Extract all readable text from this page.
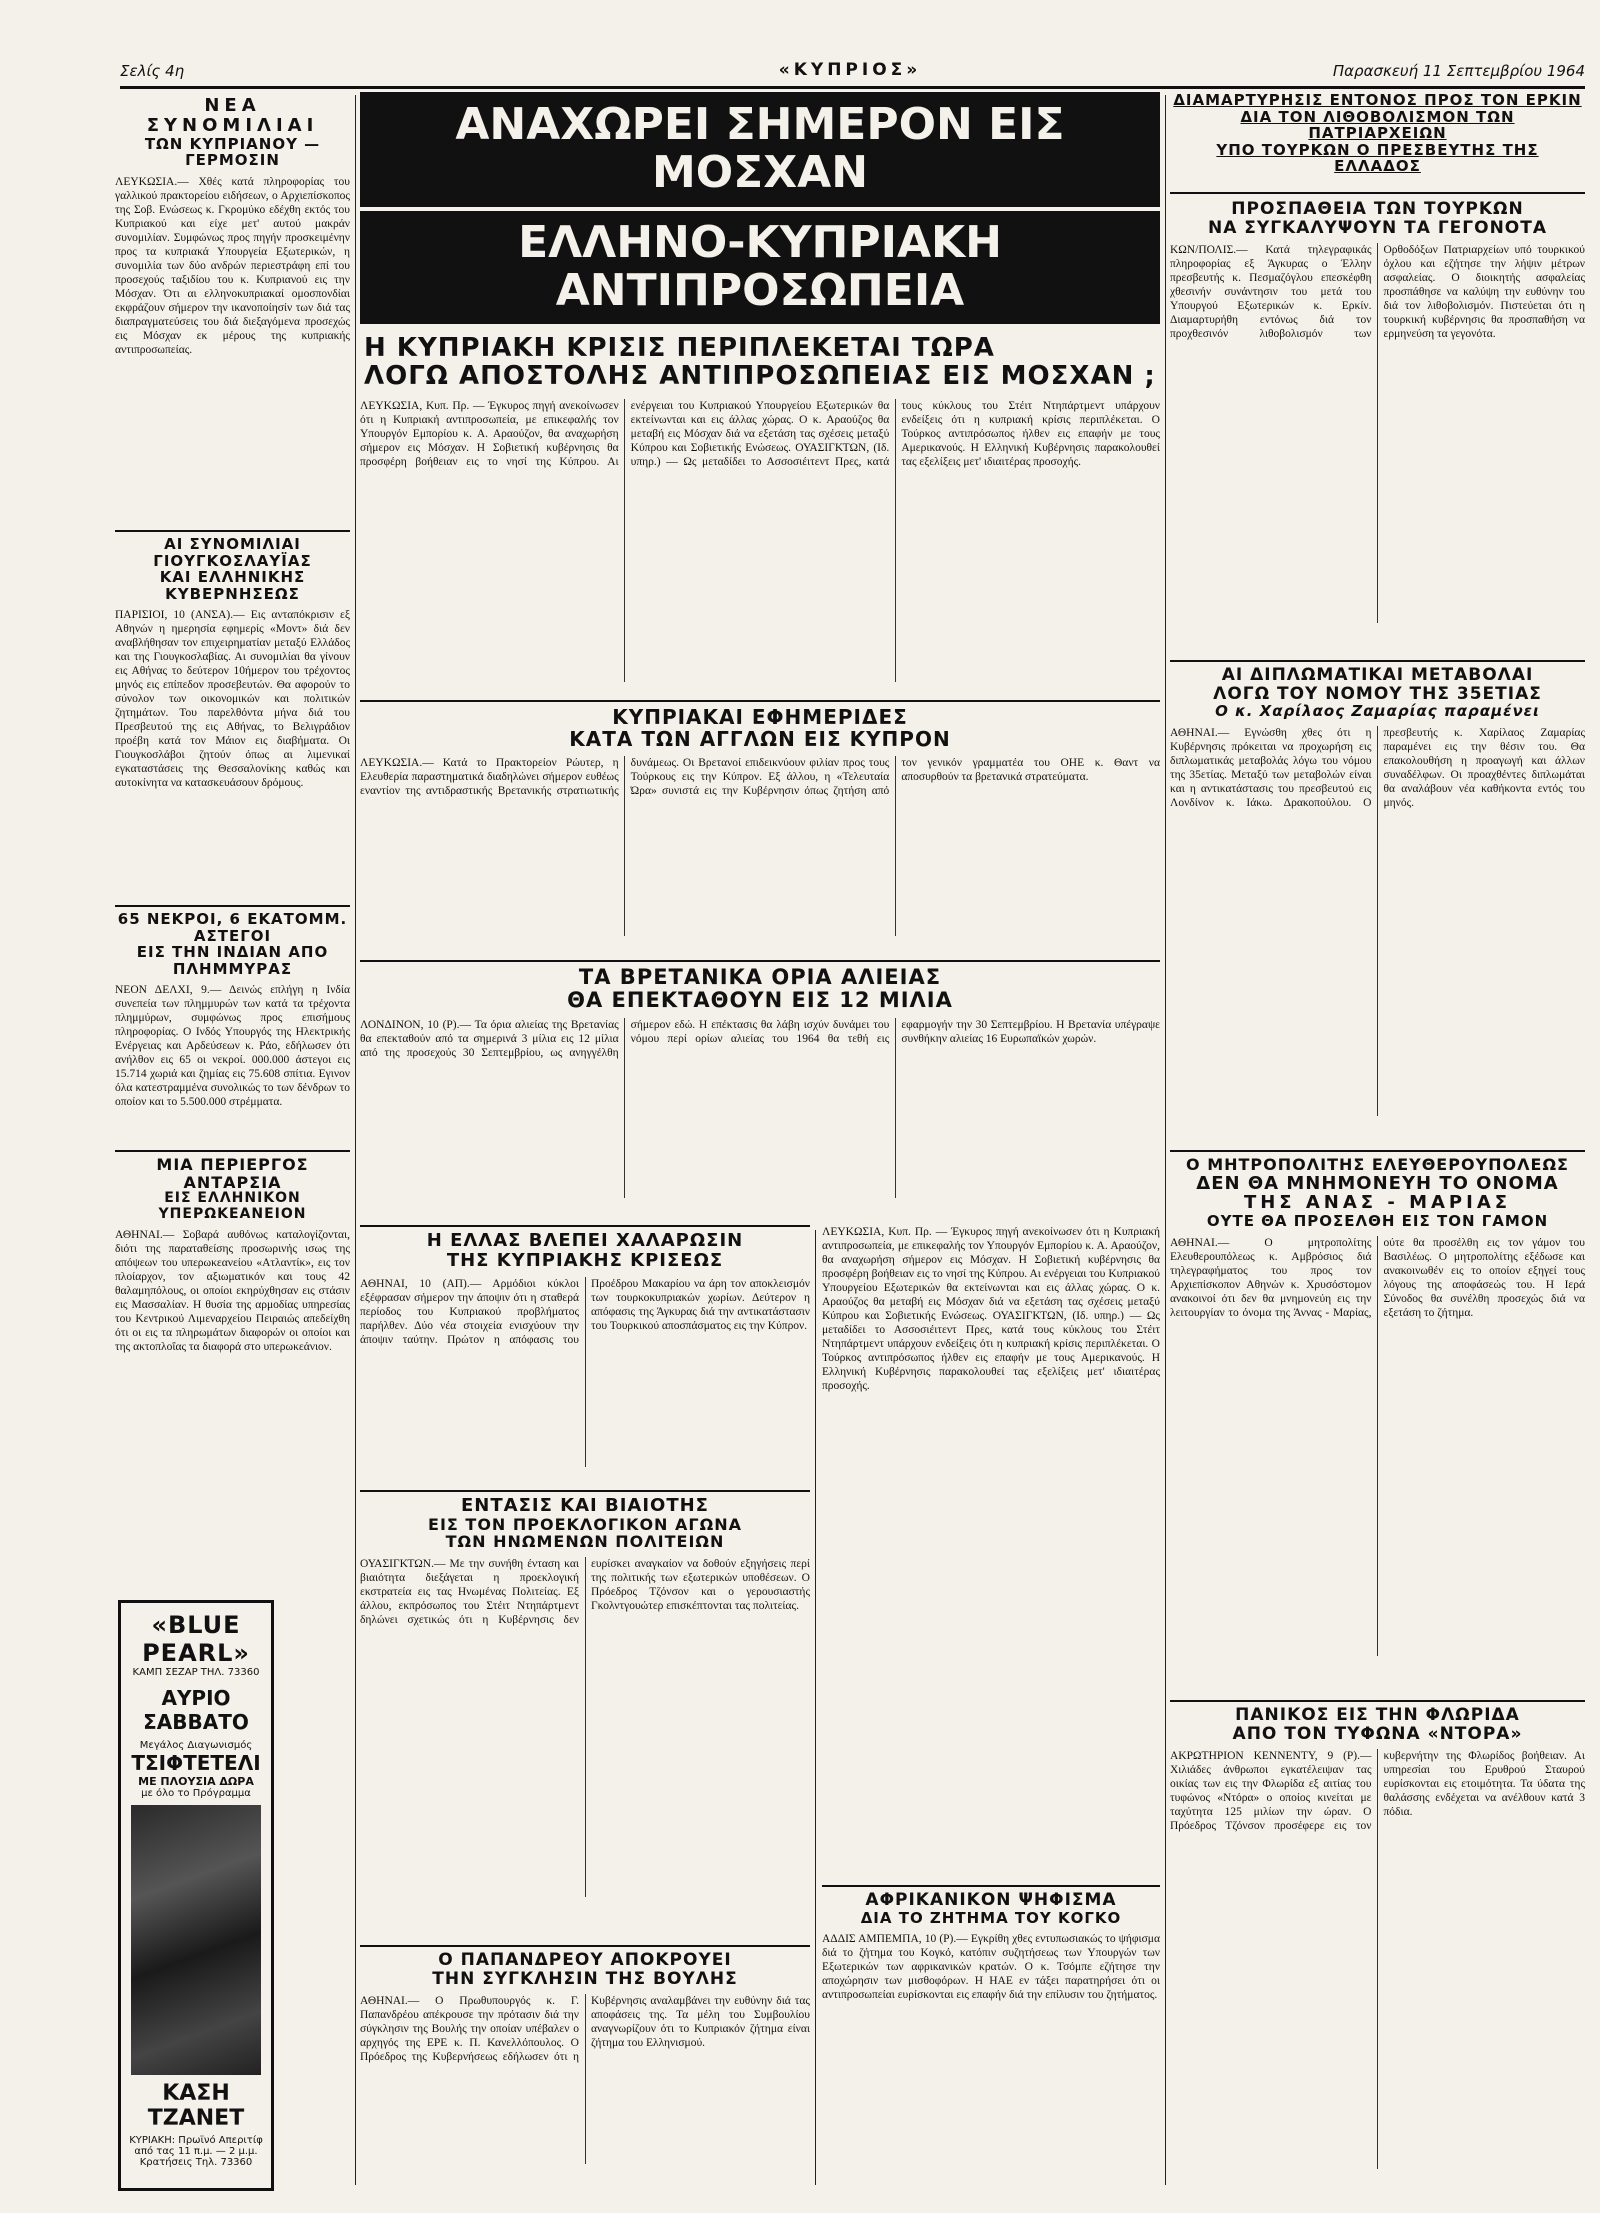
Σελίς 4η	«ΚΥΠΡΙΟΣ»	Παρασκευή 11 Σεπτεμβρίου 1964
ΝΕΑ ΣΥΝΟΜΙΛΙΑΙ
ΤΩΝ ΚΥΠΡΙΑΝΟΥ — ΓΕΡΜΟΣΙΝ
ΛΕΥΚΩΣΙΑ.— Χθές κατά πληροφορίας του γαλλικού πρακτορείου ειδήσεων, ο Αρχιεπίσκοπος της Σοβ. Ενώσεως κ. Γκρομύκο εδέχθη εκτός του Κυπριακού και είχε μετ' αυτού μακράν συνομιλίαν. Συμφώνως προς πηγήν προσκειμένην προς τα κυπριακά Υπουργεία Εξωτερικών, η συνομιλία των δύο ανδρών περιεστράφη επί του προσεχούς ταξιδίου του κ. Κυπριανού εις την Μόσχαν. Ότι αι ελληνοκυπριακαί ομοσπονδίαι εκφράζουν σήμερον την ικανοποίησίν των διά τας διαπραγματεύσεις του διά διεξαγόμενα προσεχώς εις Μόσχαν εκ μέρους της κυπριακής αντιπροσωπείας.
ΑΙ ΣΥΝΟΜΙΛΙΑΙ ΓΙΟΥΓΚΟΣΛΑΥΪΑΣ
ΚΑΙ ΕΛΛΗΝΙΚΗΣ ΚΥΒΕΡΝΗΣΕΩΣ
ΠΑΡΙΣΙΟΙ, 10 (ΑΝΣΑ).— Εις ανταπόκρισιν εξ Αθηνών η ημερησία εφημερίς «Μοντ» διά δεν αναβλήθησαν τον επιχειρηματίαν μεταξύ Ελλάδος και της Γιουγκοσλαβίας. Αι συνομιλίαι θα γίνουν εις Αθήνας το δεύτερον 10ήμερον του τρέχοντος μηνός εις επίπεδον προσεβευτών. Θα αφορούν το σύνολον των οικονομικών και πολιτικών ζητημάτων. Του παρελθόντα μήνα διά του Πρεσβευτού της εις Αθήνας, το Βελιγράδιον προέβη κατά τον Μάιον εις διαβήματα. Οι Γιουγκοσλάβοι ζητούν όπως αι λιμενικαί εγκαταστάσεις της Θεσσαλονίκης καθώς και αυτοκίνητα να κατασκευάσουν δρόμους.
65 ΝΕΚΡΟΙ, 6 ΕΚΑΤΟΜΜ. ΑΣΤΕΓΟΙ
ΕΙΣ ΤΗΝ ΙΝΔΙΑΝ ΑΠΟ ΠΛΗΜΜΥΡΑΣ
ΝΕΟΝ ΔΕΛΧΙ, 9.— Δεινώς επλήγη η Ινδία συνεπεία των πλημμυρών των κατά τα τρέχοντα πλημμύρων, συμφώνως προς επισήμους πληροφορίας. Ο Ινδός Υπουργός της Ηλεκτρικής Ενέργειας και Αρδεύσεων κ. Ράο, εδήλωσεν ότι ανήλθον εις 65 οι νεκροί. 000.000 άστεγοι εις 15.714 χωριά και ζημίας εις 75.608 σπίτια. Εγινον όλα κατεστραμμένα συνολικώς το των δένδρων το οποίον και το 5.500.000 στρέμματα.
ΜΙΑ ΠΕΡΙΕΡΓΟΣ ΑΝΤΑΡΣΙΑ
ΕΙΣ ΕΛΛΗΝΙΚΟΝ ΥΠΕΡΩΚΕΑΝΕΙΟΝ
ΑΘΗΝΑΙ.— Σοβαρά αυθόνως καταλογίζονται, διότι της παραταθείσης προσωρινής ισως της απόψεων του υπερωκεανείου «Ατλαντίκ», εις τον πλοίαρχον, τον αξιωματικόν και τους 42 θαλαμηπόλους, οι οποίοι εκηρύχθησαν εις στάσιν εις Μασσαλίαν. Η θυσία της αρμοδίας υπηρεσίας του Κεντρικού Λιμεναρχείου Πειραιώς απεδείχθη ότι οι εις τα πληρωμάτων διαφορών οι οποίοι και της ακτοπλοΐας τα διαφορά στο υπερωκεάνιον.
«BLUE PEARL»
ΚΑΜΠ ΣΕΖΑΡ ΤΗΛ. 73360
ΑΥΡΙΟ
ΣΑΒΒΑΤΟ
Μεγάλος Διαγωνισμός
ΤΣΙΦΤΕΤΕΛΙ
ΜΕ ΠΛΟΥΣΙΑ ΔΩΡΑ
με όλο το Πρόγραμμα
ΚΑΣΗ ΤΖΑΝΕΤ
ΚΥΡΙΑΚΗ: Πρωϊνό Απεριτίφ
από τας 11 π.μ. — 2 μ.μ.
Κρατήσεις Τηλ. 73360
ΑΝΑΧΩΡΕΙ ΣΗΜΕΡΟΝ ΕΙΣ ΜΟΣΧΑΝ
ΕΛΛΗΝΟ-ΚΥΠΡΙΑΚΗ ΑΝΤΙΠΡΟΣΩΠΕΙΑ
Η ΚΥΠΡΙΑΚΗ ΚΡΙΣΙΣ ΠΕΡΙΠΛΕΚΕΤΑΙ ΤΩΡΑ
ΛΟΓΩ ΑΠΟΣΤΟΛΗΣ ΑΝΤΙΠΡΟΣΩΠΕΙΑΣ ΕΙΣ ΜΟΣΧΑΝ ;
ΛΕΥΚΩΣΙΑ, Κυπ. Πρ. — Έγκυρος πηγή ανεκοίνωσεν ότι η Κυπριακή αντιπροσωπεία, με επικεφαλής τον Υπουργόν Εμπορίου κ. Α. Αραούζον, θα αναχωρήση σήμερον εις Μόσχαν. Η Σοβιετική κυβέρνησις θα προσφέρη βοήθειαν εις το νησί της Κύπρου. Αι ενέργειαι του Κυπριακού Υπουργείου Εξωτερικών θα εκτείνωνται και εις άλλας χώρας. Ο κ. Αραούζος θα μεταβή εις Μόσχαν διά να εξετάση τας σχέσεις μεταξύ Κύπρου και Σοβιετικής Ενώσεως. ΟΥΑΣΙΓΚΤΩΝ, (Ιδ. υπηρ.) — Ως μεταδίδει το Ασσοσιέιτεντ Πρες, κατά τους κύκλους του Στέιτ Ντηπάρτμεντ υπάρχουν ενδείξεις ότι η κυπριακή κρίσις περιπλέκεται. Ο Τούρκος αντιπρόσωπος ήλθεν εις επαφήν με τους Αμερικανούς. Η Ελληνική Κυβέρνησις παρακολουθεί τας εξελίξεις μετ' ιδιαιτέρας προσοχής.
ΚΥΠΡΙΑΚΑΙ ΕΦΗΜΕΡΙΔΕΣ
ΚΑΤΑ ΤΩΝ ΑΓΓΛΩΝ ΕΙΣ ΚΥΠΡΟΝ
ΛΕΥΚΩΣΙΑ.— Κατά το Πρακτορείον Ρώυτερ, η Ελευθερία παραστηματικά διαδηλώνει σήμερον ευθέως εναντίον της αντιδραστικής Βρετανικής στρατιωτικής δυνάμεως. Οι Βρετανοί επιδεικνύουν φιλίαν προς τους Τούρκους εις την Κύπρον. Εξ άλλου, η «Τελευταία Ώρα» συνιστά εις την Κυβέρνησιν όπως ζητήση από τον γενικόν γραμματέα του ΟΗΕ κ. Θαντ να αποσυρθούν τα βρετανικά στρατεύματα.
ΤΑ ΒΡΕΤΑΝΙΚΑ ΟΡΙΑ ΑΛΙΕΙΑΣ
ΘΑ ΕΠΕΚΤΑΘΟΥΝ ΕΙΣ 12 ΜΙΛΙΑ
ΛΟΝΔΙΝΟΝ, 10 (Ρ).— Τα όρια αλιείας της Βρετανίας θα επεκταθούν από τα σημερινά 3 μίλια εις 12 μίλια από της προσεχούς 30 Σεπτεμβρίου, ως ανηγγέλθη σήμερον εδώ. Η επέκτασις θα λάβη ισχύν δυνάμει του νόμου περί ορίων αλιείας του 1964 θα τεθή εις εφαρμογήν την 30 Σεπτεμβρίου. Η Βρετανία υπέγραψε συνθήκην αλιείας 16 Ευρωπαϊκών χωρών.
Η ΕΛΛΑΣ ΒΛΕΠΕΙ ΧΑΛΑΡΩΣΙΝ
ΤΗΣ ΚΥΠΡΙΑΚΗΣ ΚΡΙΣΕΩΣ
ΑΘΗΝΑΙ, 10 (ΑΠ).— Αρμόδιοι κύκλοι εξέφρασαν σήμερον την άποψιν ότι η σταθερά περίοδος του Κυπριακού προβλήματος παρήλθεν. Δύο νέα στοιχεία ενισχύουν την άποψιν ταύτην. Πρώτον η απόφασις του Προέδρου Μακαρίου να άρη τον αποκλεισμόν των τουρκοκυπριακών χωρίων. Δεύτερον η απόφασις της Άγκυρας διά την αντικατάστασιν του Τουρκικού αποσπάσματος εις την Κύπρον.
ΕΝΤΑΣΙΣ ΚΑΙ ΒΙΑΙΟΤΗΣ
ΕΙΣ ΤΟΝ ΠΡΟΕΚΛΟΓΙΚΟΝ ΑΓΩΝΑ
ΤΩΝ ΗΝΩΜΕΝΩΝ ΠΟΛΙΤΕΙΩΝ
ΟΥΑΣΙΓΚΤΩΝ.— Με την συνήθη ένταση και βιαιότητα διεξάγεται η προεκλογική εκστρατεία εις τας Ηνωμένας Πολιτείας. Εξ άλλου, εκπρόσωπος του Στέιτ Ντηπάρτμεντ δηλώνει σχετικώς ότι η Κυβέρνησις δεν ευρίσκει αναγκαίον να δοθούν εξηγήσεις περί της πολιτικής των εξωτερικών υποθέσεων. Ο Πρόεδρος Τζόνσον και ο γερουσιαστής Γκολντγουώτερ επισκέπτονται τας πολιτείας.
Ο ΠΑΠΑΝΔΡΕΟΥ ΑΠΟΚΡΟΥΕΙ
ΤΗΝ ΣΥΓΚΛΗΣΙΝ ΤΗΣ ΒΟΥΛΗΣ
ΑΘΗΝΑΙ.— Ο Πρωθυπουργός κ. Γ. Παπανδρέου απέκρουσε την πρότασιν διά την σύγκλησιν της Βουλής την οποίαν υπέβαλεν ο αρχηγός της ΕΡΕ κ. Π. Κανελλόπουλος. Ο Πρόεδρος της Κυβερνήσεως εδήλωσεν ότι η Κυβέρνησις αναλαμβάνει την ευθύνην διά τας αποφάσεις της. Τα μέλη του Συμβουλίου αναγνωρίζουν ότι το Κυπριακόν ζήτημα είναι ζήτημα του Ελληνισμού.
ΛΕΥΚΩΣΙΑ, Κυπ. Πρ. — Έγκυρος πηγή ανεκοίνωσεν ότι η Κυπριακή αντιπροσωπεία, με επικεφαλής τον Υπουργόν Εμπορίου κ. Α. Αραούζον, θα αναχωρήση σήμερον εις Μόσχαν. Η Σοβιετική κυβέρνησις θα προσφέρη βοήθειαν εις το νησί της Κύπρου. Αι ενέργειαι του Κυπριακού Υπουργείου Εξωτερικών θα εκτείνωνται και εις άλλας χώρας. Ο κ. Αραούζος θα μεταβή εις Μόσχαν διά να εξετάση τας σχέσεις μεταξύ Κύπρου και Σοβιετικής Ενώσεως. ΟΥΑΣΙΓΚΤΩΝ, (Ιδ. υπηρ.) — Ως μεταδίδει το Ασσοσιέιτεντ Πρες, κατά τους κύκλους του Στέιτ Ντηπάρτμεντ υπάρχουν ενδείξεις ότι η κυπριακή κρίσις περιπλέκεται. Ο Τούρκος αντιπρόσωπος ήλθεν εις επαφήν με τους Αμερικανούς. Η Ελληνική Κυβέρνησις παρακολουθεί τας εξελίξεις μετ' ιδιαιτέρας προσοχής.
ΑΦΡΙΚΑΝΙΚΟΝ ΨΗΦΙΣΜΑ
ΔΙΑ ΤΟ ΖΗΤΗΜΑ ΤΟΥ ΚΟΓΚΟ
ΑΔΔΙΣ ΑΜΠΕΜΠΑ, 10 (Ρ).— Εγκρίθη χθες εντυπωσιακώς το ψήφισμα διά το ζήτημα του Κογκό, κατόπιν συζητήσεως των Υπουργών των Εξωτερικών των αφρικανικών κρατών. Ο κ. Τσόμπε εζήτησε την αποχώρησιν των μισθοφόρων. Η ΗΑΕ εν τάξει παρατηρήσει ότι οι αντιπροσωπείαι ευρίσκονται εις επαφήν διά την επίλυσιν του ζητήματος.
ΔΙΑΜΑΡΤΥΡΗΣΙΣ ΕΝΤΟΝΟΣ ΠΡΟΣ ΤΟΝ ΕΡΚΙΝ
ΔΙΑ ΤΟΝ ΛΙΘΟΒΟΛΙΣΜΟΝ ΤΩΝ ΠΑΤΡΙΑΡΧΕΙΩΝ
ΥΠΟ ΤΟΥΡΚΩΝ Ο ΠΡΕΣΒΕΥΤΗΣ ΤΗΣ ΕΛΛΑΔΟΣ
ΠΡΟΣΠΑΘΕΙΑ ΤΩΝ ΤΟΥΡΚΩΝ
ΝΑ ΣΥΓΚΑΛΥΨΟΥΝ ΤΑ ΓΕΓΟΝΟΤΑ
ΚΩΝ/ΠΟΛΙΣ.— Κατά τηλεγραφικάς πληροφορίας εξ Άγκυρας ο Έλλην πρεσβευτής κ. Πεσμαζόγλου επεσκέφθη χθεσινήν συνάντησιν του μετά του Υπουργού Εξωτερικών κ. Ερκίν. Διαμαρτυρήθη εντόνως διά τον προχθεσινόν λιθοβολισμόν των Ορθοδόξων Πατριαρχείων υπό τουρκικού όχλου και εζήτησε την λήψιν μέτρων ασφαλείας. Ο διοικητής ασφαλείας προσπάθησε να καλύψη την ευθύνην του διά τον λιθοβολισμόν. Πιστεύεται ότι η τουρκική κυβέρνησις θα προσπαθήση να ερμηνεύση τα γεγονότα.
ΑΙ ΔΙΠΛΩΜΑΤΙΚΑΙ ΜΕΤΑΒΟΛΑΙ
ΛΟΓΩ ΤΟΥ ΝΟΜΟΥ ΤΗΣ 35ΕΤΙΑΣ
Ο κ. Χαρίλαος Ζαμαρίας παραμένει
ΑΘΗΝΑΙ.— Εγνώσθη χθες ότι η Κυβέρνησις πρόκειται να προχωρήση εις διπλωματικάς μεταβολάς λόγω του νόμου της 35ετίας. Μεταξύ των μεταβολών είναι και η αντικατάστασις του πρεσβευτού εις Λονδίνον κ. Ιάκω. Δρακοπούλου. Ο πρεσβευτής κ. Χαρίλαος Ζαμαρίας παραμένει εις την θέσιν του. Θα επακολουθήση η προαγωγή και άλλων συναδέλφων. Οι προαχθέντες διπλωμάται θα αναλάβουν νέα καθήκοντα εντός του μηνός.
Ο ΜΗΤΡΟΠΟΛΙΤΗΣ ΕΛΕΥΘΕΡΟΥΠΟΛΕΩΣ
ΔΕΝ ΘΑ ΜΝΗΜΟΝΕΥΗ ΤΟ ΟΝΟΜΑ
ΤΗΣ ΑΝΑΣ - ΜΑΡΙΑΣ
ΟΥΤΕ ΘΑ ΠΡΟΣΕΛΘΗ ΕΙΣ ΤΟΝ ΓΑΜΟΝ
ΑΘΗΝΑΙ.— Ο μητροπολίτης Ελευθερουπόλεως κ. Αμβρόσιος διά τηλεγραφήματος του προς τον Αρχιεπίσκοπον Αθηνών κ. Χρυσόστομον ανακοινοί ότι δεν θα μνημονεύη εις την λειτουργίαν το όνομα της Άννας - Μαρίας, ούτε θα προσέλθη εις τον γάμον του Βασιλέως. Ο μητροπολίτης εξέδωσε και ανακοινωθέν εις το οποίον εξηγεί τους λόγους της αποφάσεώς του. Η Ιερά Σύνοδος θα συνέλθη προσεχώς διά να εξετάση το ζήτημα.
ΠΑΝΙΚΟΣ ΕΙΣ ΤΗΝ ΦΛΩΡΙΔΑ
ΑΠΟ ΤΟΝ ΤΥΦΩΝΑ «ΝΤΟΡΑ»
ΑΚΡΩΤΗΡΙΟΝ ΚΕΝΝΕΝΤΥ, 9 (Ρ).— Χιλιάδες άνθρωποι εγκατέλειψαν τας οικίας των εις την Φλωρίδα εξ αιτίας του τυφώνος «Ντόρα» ο οποίος κινείται με ταχύτητα 125 μιλίων την ώραν. Ο Πρόεδρος Τζόνσον προσέφερε εις τον κυβερνήτην της Φλωρίδος βοήθειαν. Αι υπηρεσίαι του Ερυθρού Σταυρού ευρίσκονται εις ετοιμότητα. Τα ύδατα της θαλάσσης ενδέχεται να ανέλθουν κατά 3 πόδια.
